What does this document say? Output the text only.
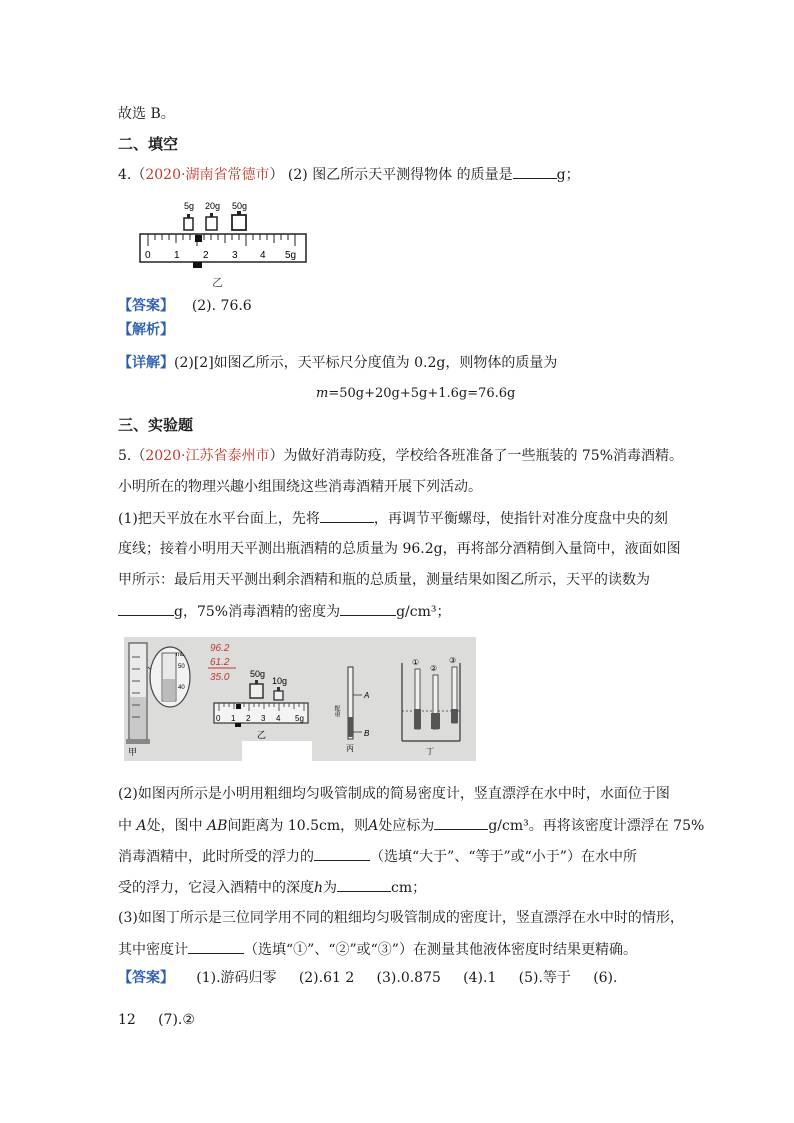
故选 B。
二、填空
4.（2020·湖南省常德市） (2) 图乙所示天平测得物体 的质量是	g；
5g 20g 50g
0 1 2 3 4 5g
乙
【答案】 (2). 76.6
【解析】
【详解】(2)[2]如图乙所示，天平标尺分度值为 0.2g，则物体的质量为
m=50g+20g+5g+1.6g=76.6g
三、实验题
5.（2020·江苏省泰州市）为做好消毒防疫，学校给各班准备了一些瓶装的 75%消毒酒精。
小明所在的物理兴趣小组围绕这些消毒酒精开展下列活动。
(1)把天平放在水平台面上，先将	，再调节平衡螺母，使指针对准分度盘中央的刻
度线；接着小明用天平测出瓶酒精的总质量为 96.2g，再将部分酒精倒入量筒中，液面如图
甲所示：最后用天平测出剩余酒精和瓶的总质量，测量结果如图乙所示，天平的读数为
g，75%消毒酒精的密度为	g/cm³；
mL
50
40
甲
96.2
61.2
35.0 50g
10g
0 1 2 3 4 5g
乙
A
B
配重
丙
①
②
③
丁
(2)如图丙所示是小明用粗细均匀吸管制成的简易密度计，竖直漂浮在水中时，水面位于图
中 A处，图中 AB间距离为 10.5cm，则A处应标为	g/cm³。再将该密度计漂浮在 75%
消毒酒精中，此时所受的浮力的	（选填“大于”、“等于”或“小于”）在水中所
受的浮力，它浸入酒精中的深度h为	cm；
(3)如图丁所示是三位同学用不同的粗细均匀吸管制成的密度计，竖直漂浮在水中时的情形，
其中密度计	（选填“①”、“②”或“③”）在测量其他液体密度时结果更精确。
【答案】 (1).游码归零 (2).61 2 (3).0.875 (4).1 (5).等于 (6).
12 (7).②
